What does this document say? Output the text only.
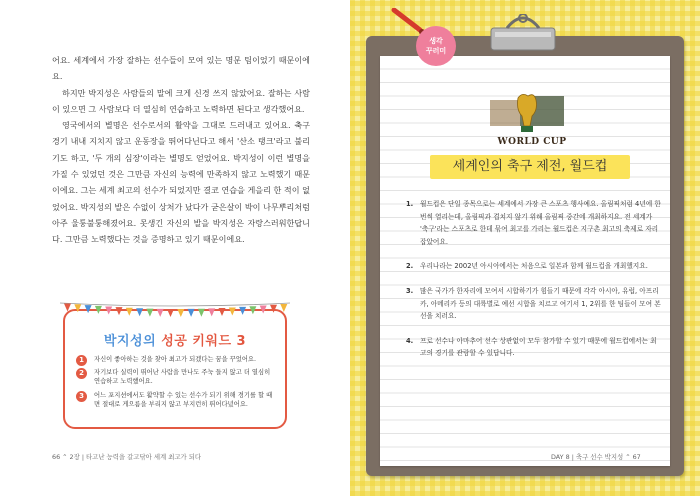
어요. 세계에서 가장 잘하는 선수들이 모여 있는 명문 팀이었기 때문이에요.

하지만 박지성은 사람들의 말에 크게 신경 쓰지 않았어요. 잘하는 사람이 있으면 그 사람보다 더 열심히 연습하고 노력하면 된다고 생각했어요.

영국에서의 별명은 선수로서의 활약을 그대로 드러내고 있어요. 축구 경기 내내 지치지 않고 운동장을 뛰어다닌다고 해서 '산소 탱크'라고 불리기도 하고, '두 개의 심장'이라는 별명도 얻었어요. 박지성이 이런 별명을 가질 수 있었던 것은 그만큼 자신의 능력에 만족하지 않고 노력했기 때문이에요. 그는 세계 최고의 선수가 되었지만 결코 연습을 게을리 한 적이 없었어요. 박지성의 발은 수없이 상처가 났다가 굳은살이 박이 나무뿌리처럼 아주 울퉁불퉁해졌어요. 못생긴 자신의 발을 박지성은 자랑스러워한답니다. 그만큼 노력했다는 것을 증명하고 있기 때문이에요.

박지성의 성공 키워드 3
1	자신이 좋아하는 것을 찾아 최고가 되겠다는 꿈을 꾸었어요.
2	자기보다 실력이 뛰어난 사람을 만나도 주눅 들지 않고 더 열심히 연습하고 노력했어요.
3	어느 포지션에서도 활약할 수 있는 선수가 되기 위해 경기를 할 때면 절대로 게으름을 부리지 않고 부지런히 뛰어다녔어요.
66 ⌃ 2장 | 타고난 능력을 갈고닦아 세계 최고가 되다
생각
꾸러미
WORLD CUP
세계인의 축구 제전, 월드컵
1. 월드컵은 단일 종목으로는 세계에서 가장 큰 스포츠 행사예요. 올림픽처럼 4년에 한 번씩 열리는데, 올림픽과 겹치지 않기 위해 올림픽 중간에 개최하지요. 전 세계가 '축구'라는 스포츠로 한데 묶여 최고를 가리는 월드컵은 지구촌 최고의 축제로 자리 잡았어요.
2. 우리나라는 2002년 아시아에서는 처음으로 일본과 함께 월드컵을 개최했지요.
3. 많은 국가가 한자리에 모여서 시합하기가 힘들기 때문에 각각 아시아, 유럽, 아프리카, 아메리카 등의 대륙별로 예선 시합을 치르고 여기서 1, 2위를 한 팀들이 모여 본선을 치러요.
4. 프로 선수나 아마추어 선수 상관없이 모두 참가할 수 있기 때문에 월드컵에서는 최고의 경기를 관람할 수 있답니다.
DAY 8 | 축구 선수 박지성 ⌃ 67
